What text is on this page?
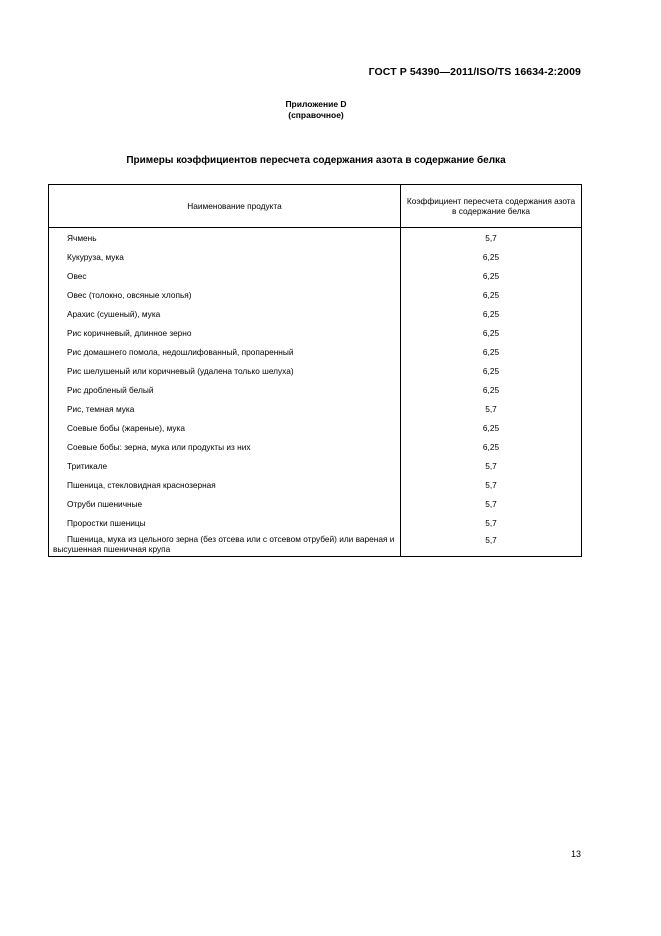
ГОСТ Р 54390—2011/ISO/TS 16634-2:2009
Приложение D
(справочное)
Примеры коэффициентов пересчета содержания азота в содержание белка
Наименование продукта	Коэффициент пересчета содержания азота в содержание белка
Ячмень	5,7
Кукуруза, мука	6,25
Овес	6,25
Овес (толокно, овсяные хлопья)	6,25
Арахис (сушеный), мука	6,25
Рис коричневый, длинное зерно	6,25
Рис домашнего помола, недошлифованный, пропаренный	6,25
Рис шелушеный или коричневый (удалена только шелуха)	6,25
Рис дробленый белый	6,25
Рис, темная мука	5,7
Соевые бобы (жареные), мука	6,25
Соевые бобы: зерна, мука или продукты из них	6,25
Тритикале	5,7
Пшеница, стекловидная краснозерная	5,7
Отруби пшеничные	5,7
Проростки пшеницы	5,7
Пшеница, мука из цельного зерна (без отсева или с отсевом отрубей) или вареная и высушенная пшеничная крупа	5,7
13
